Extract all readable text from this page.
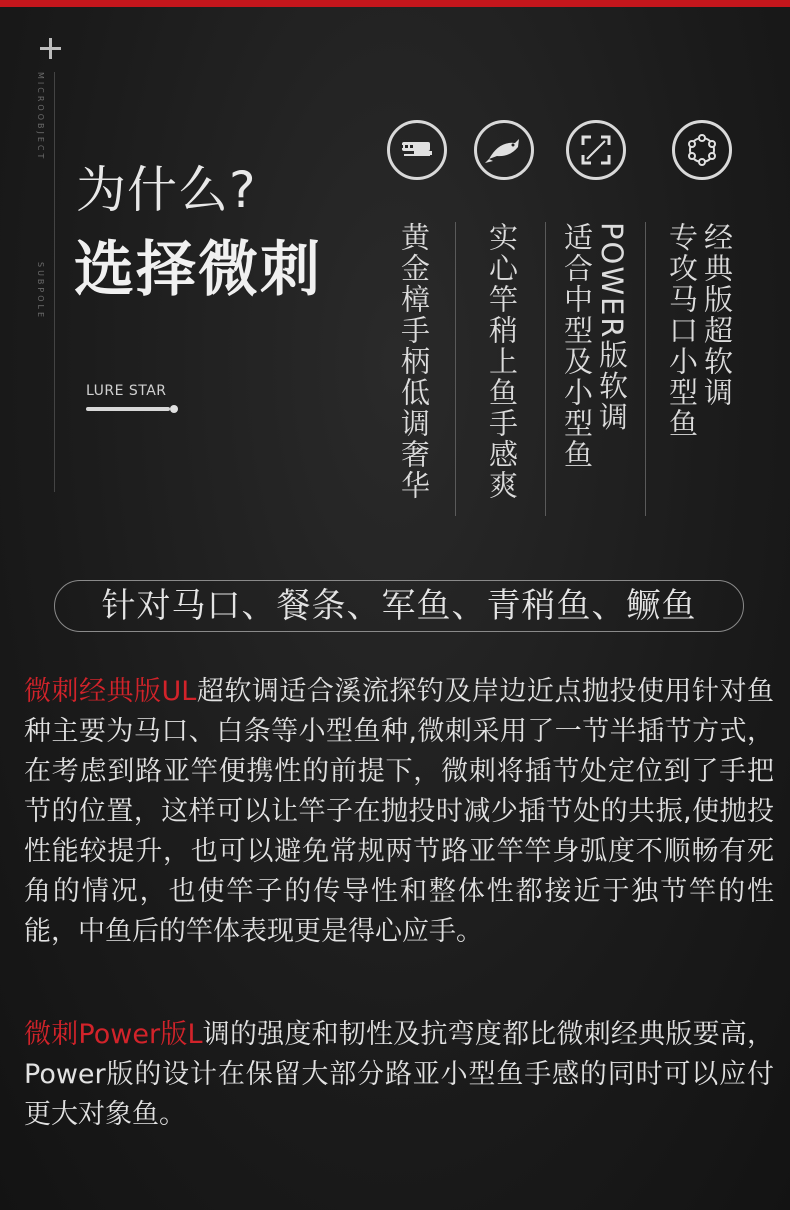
MICROOBJECT
SUBPOLE
为什么?
选择微刺
LURE STAR	黄金樟手柄低调奢华 实心竿稍上鱼手感爽	POWER版软调
适合中型及小型鱼	经典版超软调
专攻马口小型鱼
针对马口、餐条、军鱼、青稍鱼、鳜鱼
微刺经典版UL超软调适合溪流探钓及岸边近点抛投使用针对鱼种主要为马口、白条等小型鱼种,微刺采用了一节半插节方式，在考虑到路亚竿便携性的前提下，微刺将插节处定位到了手把节的位置，这样可以让竿子在抛投时减少插节处的共振,使抛投性能较提升，也可以避免常规两节路亚竿竿身弧度不顺畅有死角的情况，也使竿子的传导性和整体性都接近于独节竿的性能，中鱼后的竿体表现更是得心应手。
微刺Power版L调的强度和韧性及抗弯度都比微刺经典版要高，Power版的设计在保留大部分路亚小型鱼手感的同时可以应付更大对象鱼。
